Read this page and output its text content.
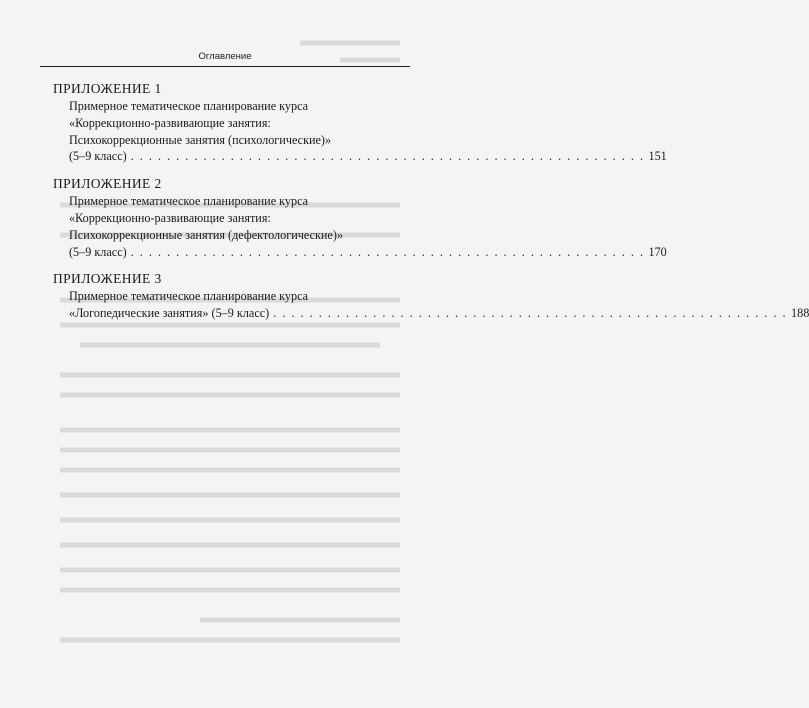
Оглавление
ПРИЛОЖЕНИЕ 1
Примерное тематическое планирование курса
«Коррекционно-развивающие занятия:
Психокоррекционные занятия (психологические)»
(5–9 класс) . . . . . . . . . . . . . . . . . . . . . . . . . . . . . . . . . . . . . . . . . . . . . . . . . . . . . . . . . 151
ПРИЛОЖЕНИЕ 2
Примерное тематическое планирование курса
«Коррекционно-развивающие занятия:
Психокоррекционные занятия (дефектологические)»
(5–9 класс) . . . . . . . . . . . . . . . . . . . . . . . . . . . . . . . . . . . . . . . . . . . . . . . . . . . . . . . . . 170
ПРИЛОЖЕНИЕ 3
Примерное тематическое планирование курса
«Логопедические занятия» (5–9 класс) . . . . . . . . . . . . . . . . . . . . . . . . . . . . . . . . . . . . . . . . . . . . . . . . . . . . . . . . . 188
